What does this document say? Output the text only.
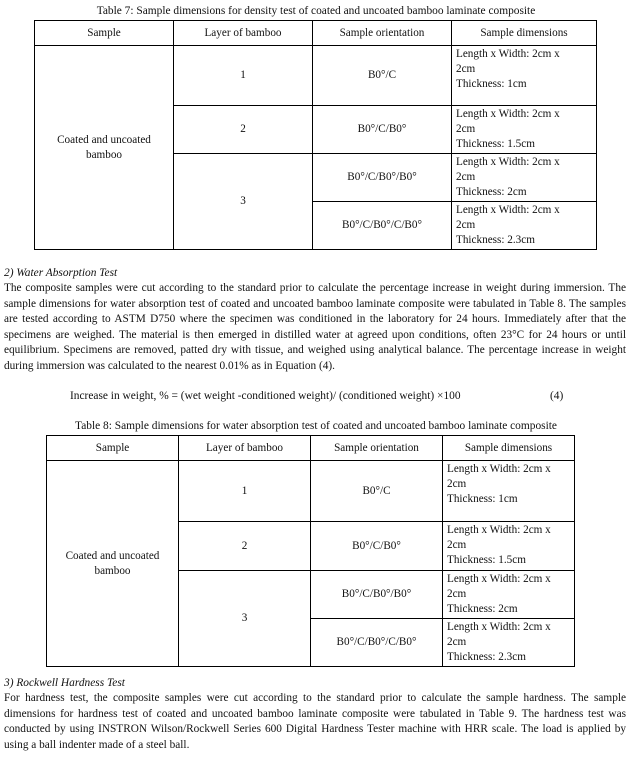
Table 7: Sample dimensions for density test of coated and uncoated bamboo laminate composite
Sample	Layer of bamboo	Sample orientation	Sample dimensions
Coated and uncoated bamboo	1	B0°/C	Length x Width: 2cm x
2cm
Thickness: 1cm

	2	B0°/C/B0°	Length x Width: 2cm x
2cm
Thickness: 1.5cm

	3	B0°/C/B0°/B0°	Length x Width: 2cm x
2cm
Thickness: 2cm

		B0°/C/B0°/C/B0°	Length x Width: 2cm x
2cm
Thickness: 2.3cm
2) Water Absorption Test
The composite samples were cut according to the standard prior to calculate the percentage increase in weight during immersion. The sample dimensions for water absorption test of coated and uncoated bamboo laminate composite were tabulated in Table 8. The samples are tested according to ASTM D750 where the specimen was conditioned in the laboratory for 24 hours. Immediately after that the specimens are weighed. The material is then emerged in distilled water at agreed upon conditions, often 23°C for 24 hours or until equilibrium. Specimens are removed, patted dry with tissue, and weighed using analytical balance. The percentage increase in weight during immersion was calculated to the nearest 0.01% as in Equation (4).
Increase in weight, % = (wet weight -conditioned weight)/ (conditioned weight) ×100	(4)
Table 8: Sample dimensions for water absorption test of coated and uncoated bamboo laminate composite
Sample	Layer of bamboo	Sample orientation	Sample dimensions
Coated and uncoated bamboo	1	B0°/C	Length x Width: 2cm x
2cm
Thickness: 1cm

	2	B0°/C/B0°	Length x Width: 2cm x
2cm
Thickness: 1.5cm

	3	B0°/C/B0°/B0°	Length x Width: 2cm x
2cm
Thickness: 2cm

		B0°/C/B0°/C/B0°	Length x Width: 2cm x
2cm
Thickness: 2.3cm
3) Rockwell Hardness Test
For hardness test, the composite samples were cut according to the standard prior to calculate the sample hardness. The sample dimensions for hardness test of coated and uncoated bamboo laminate composite were tabulated in Table 9. The hardness test was conducted by using INSTRON Wilson/Rockwell Series 600 Digital Hardness Tester machine with HRR scale. The load is applied by using a ball indenter made of a steel ball.
